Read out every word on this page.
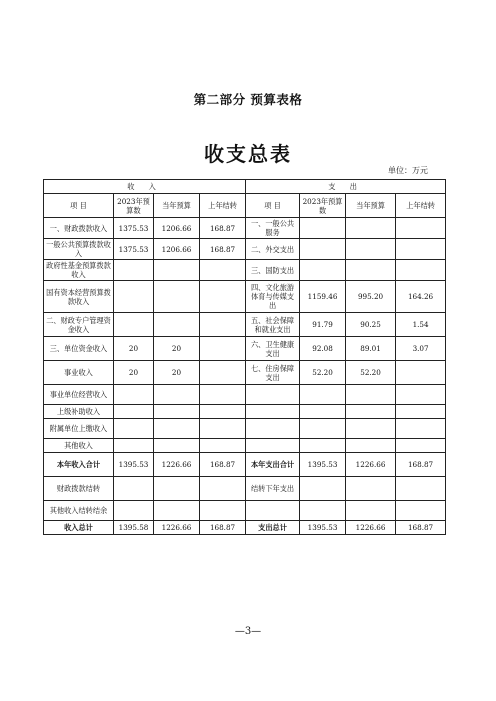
第二部分 预算表格
收支总表
单位：万元
收 入				支 出			
项 目	2023年预算数	当年预算	上年结转	项 目	2023年预算数	当年预算	上年结转
一、财政拨款收入	1375.53	1206.66	168.87	一、一般公共服务			
一般公共预算拨款收入	1375.53	1206.66	168.87	二、外交支出			
政府性基金预算拨款收入				三、国防支出			
国有资本经营预算拨款收入				四、文化旅游体育与传媒支出	1159.46	995.20	164.26
二、财政专户管理资金收入				五、社会保障和就业支出	91.79	90.25	1.54
三、单位资金收入	20	20		六、卫生健康支出	92.08	89.01	3.07
事业收入	20	20		七、住房保障支出	52.20	52.20	
事业单位经营收入							
上级补助收入							
附属单位上缴收入							
其他收入							
本年收入合计	1395.53	1226.66	168.87	本年支出合计	1395.53	1226.66	168.87
财政拨款结转				结转下年支出			
其他收入结转结余							
收入总计	1395.58	1226.66	168.87	支出总计	1395.53	1226.66	168.87
—3—
